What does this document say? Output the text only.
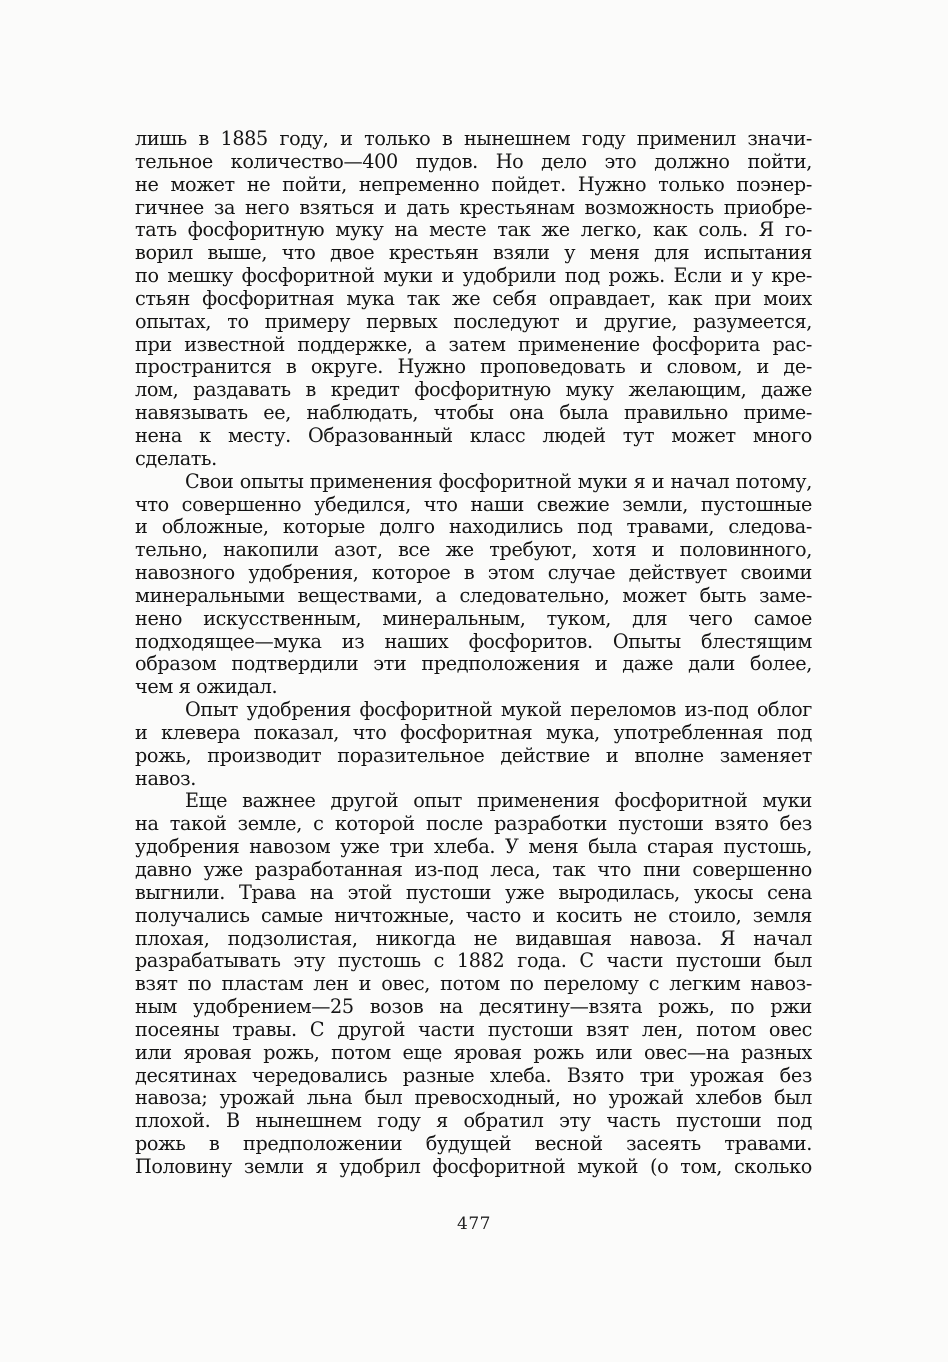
лишь в 1885 году, и только в нынешнем году применил значи-
тельное количество—400 пудов. Но дело это должно пойти,
не может не пойти, непременно пойдет. Нужно только поэнер-
гичнее за него взяться и дать крестьянам возможность приобре-
тать фосфоритную муку на месте так же легко, как соль. Я го-
ворил выше, что двое крестьян взяли у меня для испытания
по мешку фосфоритной муки и удобрили под рожь. Если и у кре-
стьян фосфоритная мука так же себя оправдает, как при моих
опытах, то примеру первых последуют и другие, разумеется,
при известной поддержке, а затем применение фосфорита рас-
пространится в округе. Нужно проповедовать и словом, и де-
лом, раздавать в кредит фосфоритную муку желающим, даже
навязывать ее, наблюдать, чтобы она была правильно приме-
нена к месту. Образованный класс людей тут может много
сделать.
Свои опыты применения фосфоритной муки я и начал потому,
что совершенно убедился, что наши свежие земли, пустошные
и обложные, которые долго находились под травами, следова-
тельно, накопили азот, все же требуют, хотя и половинного,
навозного удобрения, которое в этом случае действует своими
минеральными веществами, а следовательно, может быть заме-
нено искусственным, минеральным, туком, для чего самое
подходящее—мука из наших фосфоритов. Опыты блестящим
образом подтвердили эти предположения и даже дали более,
чем я ожидал.
Опыт удобрения фосфоритной мукой переломов из-под облог
и клевера показал, что фосфоритная мука, употребленная под
рожь, производит поразительное действие и вполне заменяет
навоз.
Еще важнее другой опыт применения фосфоритной муки
на такой земле, с которой после разработки пустоши взято без
удобрения навозом уже три хлеба. У меня была старая пустошь,
давно уже разработанная из-под леса, так что пни совершенно
выгнили. Трава на этой пустоши уже выродилась, укосы сена
получались самые ничтожные, часто и косить не стоило, земля
плохая, подзолистая, никогда не видавшая навоза. Я начал
разрабатывать эту пустошь с 1882 года. С части пустоши был
взят по пластам лен и овес, потом по перелому с легким навоз-
ным удобрением—25 возов на десятину—взята рожь, по ржи
посеяны травы. С другой части пустоши взят лен, потом овес
или яровая рожь, потом еще яровая рожь или овес—на разных
десятинах чередовались разные хлеба. Взято три урожая без
навоза; урожай льна был превосходный, но урожай хлебов был
плохой. В нынешнем году я обратил эту часть пустоши под
рожь в предположении будущей весной засеять травами.
Половину земли я удобрил фосфоритной мукой (о том, сколько
477
